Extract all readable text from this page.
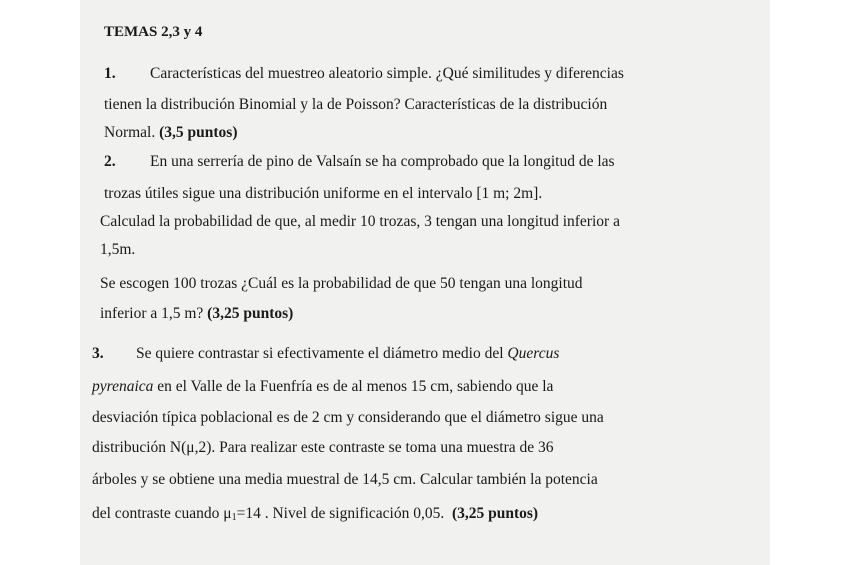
TEMAS 2,3 y 4
1. Características del muestreo aleatorio simple. ¿Qué similitudes y diferencias
tienen la distribución Binomial y la de Poisson? Características de la distribución
Normal. (3,5 puntos)
2. En una serrería de pino de Valsaín se ha comprobado que la longitud de las
trozas útiles sigue una distribución uniforme en el intervalo [1 m; 2m].
Calculad la probabilidad de que, al medir 10 trozas, 3 tengan una longitud inferior a
1,5m.
Se escogen 100 trozas ¿Cuál es la probabilidad de que 50 tengan una longitud
inferior a 1,5 m? (3,25 puntos)
3. Se quiere contrastar si efectivamente el diámetro medio del Quercus
pyrenaica en el Valle de la Fuenfría es de al menos 15 cm, sabiendo que la
desviación típica poblacional es de 2 cm y considerando que el diámetro sigue una
distribución N(μ,2). Para realizar este contraste se toma una muestra de 36
árboles y se obtiene una media muestral de 14,5 cm. Calcular también la potencia
del contraste cuando $\mu_1=14$ . Nivel de significación 0,05. (3,25 puntos)
